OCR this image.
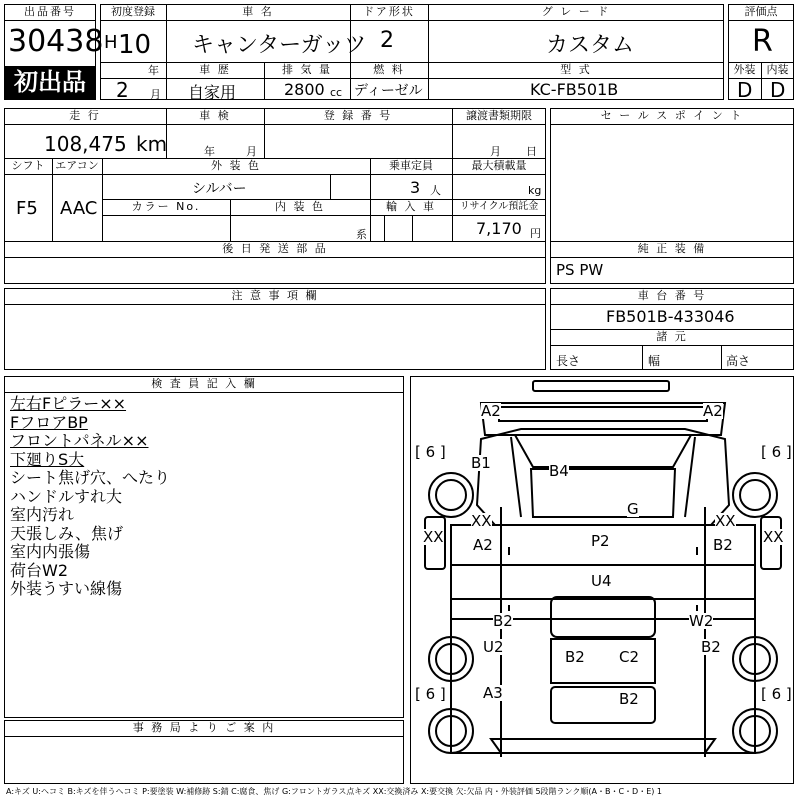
出品番号
30438
初出品
初度登録
H 10
年
2 月
車 名
キャンターガッツ
ドア形状
2
グ レ ー ド
カスタム
車 歴
自家用
排 気 量
2800 cc
燃 料
ディーゼル
型 式
KC-FB501B
評価点
R
外装	内装
D D
走 行
108,475 km
車 検
年	月
登 録 番 号	譲渡書類期限
月 日
シフト
F5
エアコン
AAC
外 装 色
シルバー
乗車定員
3 人
最大積載量
kg
カラー No.	内 装 色
系
輸 入 車	リサイクル預託金
7,170 円
後 日 発 送 部 品
注 意 事 項 欄
セ ー ル ス ポ イ ン ト
純 正 装 備
PS PW
車 台 番 号
FB501B-433046
諸 元
長さ	幅	高さ
検 査 員 記 入 欄
左右Fピラー××
FフロアBP
フロントパネル××
下廻りS大
シート焦げ穴、へたり
ハンドルすれ大
室内汚れ
天張しみ、焦げ
室内内張傷
荷台W2
外装うすい線傷
[ 6 ]	[ 6 ]
[ 6 ]	[ 6 ]
A2	A2
B1	B4
G
XX
XX A2	P2
XX
B2 XX
U4
B2	W2
U2
B2 C2
B2
A3	B2
事 務 局 よ り ご 案 内
A:キズ U:ヘコミ B:キズを伴うヘコミ P:要塗装 W:補修跡 S:錆 C:腐食、焦げ G:フロントガラス点キズ XX:交換済み X:要交換 欠:欠品 内・外装評価 5段階ランク順(A・B・C・D・E) 1
